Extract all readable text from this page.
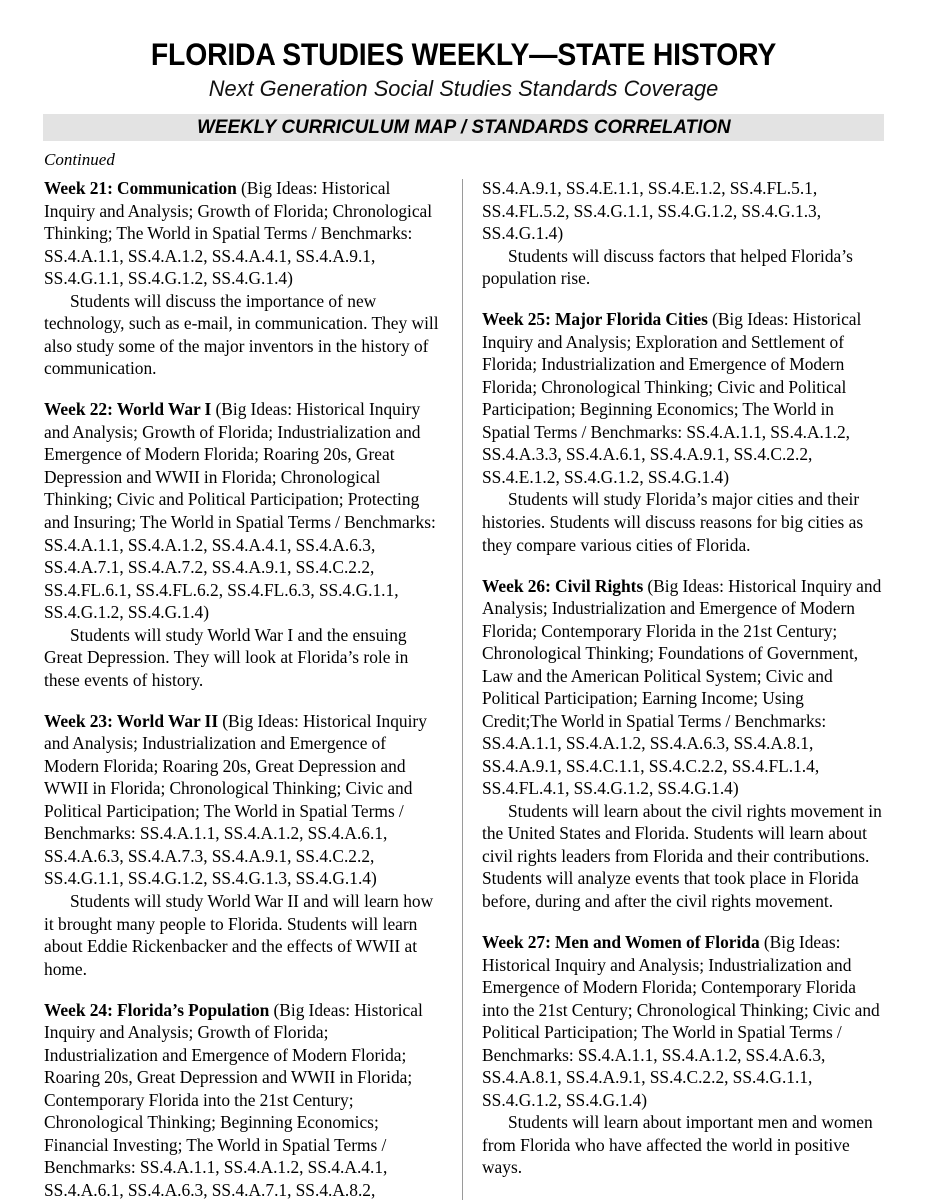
FLORIDA STUDIES WEEKLY—STATE HISTORY
Next Generation Social Studies Standards Coverage
WEEKLY CURRICULUM MAP / STANDARDS CORRELATION
Continued

Week 21: Communication (Big Ideas: Historical Inquiry and Analysis; Growth of Florida; Chronological Thinking; The World in Spatial Terms / Benchmarks: SS.4.A.1.1, SS.4.A.1.2, SS.4.A.4.1, SS.4.A.9.1, SS.4.G.1.1, SS.4.G.1.2, SS.4.G.1.4)

Students will discuss the importance of new technology, such as e-mail, in communication. They will also study some of the major inventors in the history of communication.

Week 22: World War I (Big Ideas: Historical Inquiry and Analysis; Growth of Florida; Industrialization and Emergence of Modern Florida; Roaring 20s, Great Depression and WWII in Florida; Chronological Thinking; Civic and Political Participation; Protecting and Insuring; The World in Spatial Terms / Benchmarks: SS.4.A.1.1, SS.4.A.1.2, SS.4.A.4.1, SS.4.A.6.3, SS.4.A.7.1, SS.4.A.7.2, SS.4.A.9.1, SS.4.C.2.2, SS.4.FL.6.1, SS.4.FL.6.2, SS.4.FL.6.3, SS.4.G.1.1, SS.4.G.1.2, SS.4.G.1.4)

Students will study World War I and the ensuing Great Depression. They will look at Florida’s role in these events of history.

Week 23: World War II (Big Ideas: Historical Inquiry and Analysis; Industrialization and Emergence of Modern Florida; Roaring 20s, Great Depression and WWII in Florida; Chronological Thinking; Civic and Political Participation; The World in Spatial Terms / Benchmarks: SS.4.A.1.1, SS.4.A.1.2, SS.4.A.6.1, SS.4.A.6.3, SS.4.A.7.3, SS.4.A.9.1, SS.4.C.2.2, SS.4.G.1.1, SS.4.G.1.2, SS.4.G.1.3, SS.4.G.1.4)

Students will study World War II and will learn how it brought many people to Florida. Students will learn about Eddie Rickenbacker and the effects of WWII at home.

Week 24: Florida’s Population (Big Ideas: Historical Inquiry and Analysis; Growth of Florida; Industrialization and Emergence of Modern Florida; Roaring 20s, Great Depression and WWII in Florida; Contemporary Florida into the 21st Century; Chronological Thinking; Beginning Economics; Financial Investing; The World in Spatial Terms / Benchmarks: SS.4.A.1.1, SS.4.A.1.2, SS.4.A.4.1, SS.4.A.6.1, SS.4.A.6.3, SS.4.A.7.1, SS.4.A.8.2,

SS.4.A.9.1, SS.4.E.1.1, SS.4.E.1.2, SS.4.FL.5.1, SS.4.FL.5.2, SS.4.G.1.1, SS.4.G.1.2, SS.4.G.1.3, SS.4.G.1.4)

Students will discuss factors that helped Florida’s population rise.

Week 25: Major Florida Cities (Big Ideas: Historical Inquiry and Analysis; Exploration and Settlement of Florida; Industrialization and Emergence of Modern Florida; Chronological Thinking; Civic and Political Participation; Beginning Economics; The World in Spatial Terms / Benchmarks: SS.4.A.1.1, SS.4.A.1.2, SS.4.A.3.3, SS.4.A.6.1, SS.4.A.9.1, SS.4.C.2.2, SS.4.E.1.2, SS.4.G.1.2, SS.4.G.1.4)

Students will study Florida’s major cities and their histories. Students will discuss reasons for big cities as they compare various cities of Florida.

Week 26: Civil Rights (Big Ideas: Historical Inquiry and Analysis; Industrialization and Emergence of Modern Florida; Contemporary Florida in the 21st Century; Chronological Thinking; Foundations of Government, Law and the American Political System; Civic and Political Participation; Earning Income; Using Credit;The World in Spatial Terms / Benchmarks: SS.4.A.1.1, SS.4.A.1.2, SS.4.A.6.3, SS.4.A.8.1, SS.4.A.9.1, SS.4.C.1.1, SS.4.C.2.2, SS.4.FL.1.4, SS.4.FL.4.1, SS.4.G.1.2, SS.4.G.1.4)

Students will learn about the civil rights movement in the United States and Florida. Students will learn about civil rights leaders from Florida and their contributions. Students will analyze events that took place in Florida before, during and after the civil rights movement.

Week 27: Men and Women of Florida (Big Ideas: Historical Inquiry and Analysis; Industrialization and Emergence of Modern Florida; Contemporary Florida into the 21st Century; Chronological Thinking; Civic and Political Participation; The World in Spatial Terms / Benchmarks: SS.4.A.1.1, SS.4.A.1.2, SS.4.A.6.3, SS.4.A.8.1, SS.4.A.9.1, SS.4.C.2.2, SS.4.G.1.1, SS.4.G.1.2, SS.4.G.1.4)

Students will learn about important men and women from Florida who have affected the world in positive ways.
